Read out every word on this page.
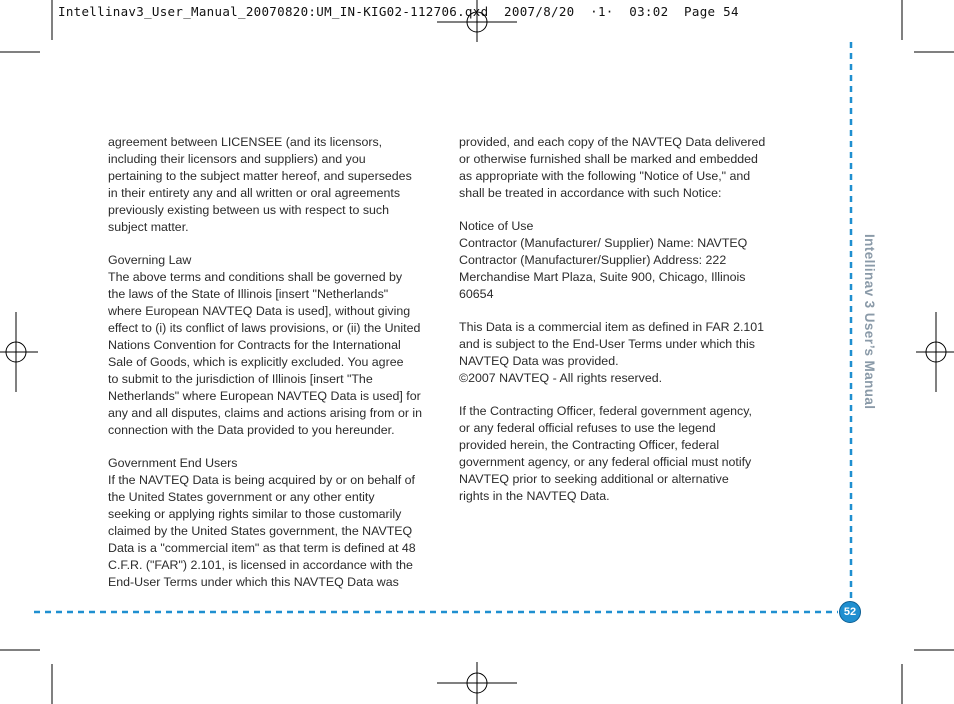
Intellinav3_User_Manual_20070820:UM_IN-KIG02-112706.qxd  2007/8/20  ·1·  03:02  Page 54

agreement between LICENSEE (and its licensors,
including their licensors and suppliers) and you
pertaining to the subject matter hereof, and supersedes
in their entirety any and all written or oral agreements
previously existing between us with respect to such
subject matter.

Governing Law
The above terms and conditions shall be governed by
the laws of the State of Illinois [insert "Netherlands"
where European NAVTEQ Data is used], without giving
effect to (i) its conflict of laws provisions, or (ii) the United
Nations Convention for Contracts for the International
Sale of Goods, which is explicitly excluded. You agree
to submit to the jurisdiction of Illinois [insert "The
Netherlands" where European NAVTEQ Data is used] for
any and all disputes, claims and actions arising from or in
connection with the Data provided to you hereunder.

Government End Users
If the NAVTEQ Data is being acquired by or on behalf of
the United States government or any other entity
seeking or applying rights similar to those customarily
claimed by the United States government, the NAVTEQ
Data is a "commercial item" as that term is defined at 48
C.F.R. ("FAR") 2.101, is licensed in accordance with the
End-User Terms under which this NAVTEQ Data was

provided, and each copy of the NAVTEQ Data delivered
or otherwise furnished shall be marked and embedded
as appropriate with the following "Notice of Use," and
shall be treated in accordance with such Notice:

Notice of Use
Contractor (Manufacturer/ Supplier) Name: NAVTEQ
Contractor (Manufacturer/Supplier) Address: 222
Merchandise Mart Plaza, Suite 900, Chicago, Illinois
60654

This Data is a commercial item as defined in FAR 2.101
and is subject to the End-User Terms under which this
NAVTEQ Data was provided.
©2007 NAVTEQ - All rights reserved.

If the Contracting Officer, federal government agency,
or any federal official refuses to use the legend
provided herein, the Contracting Officer, federal
government agency, or any federal official must notify
NAVTEQ prior to seeking additional or alternative
rights in the NAVTEQ Data.

Intellinav 3 User’s Manual
52
